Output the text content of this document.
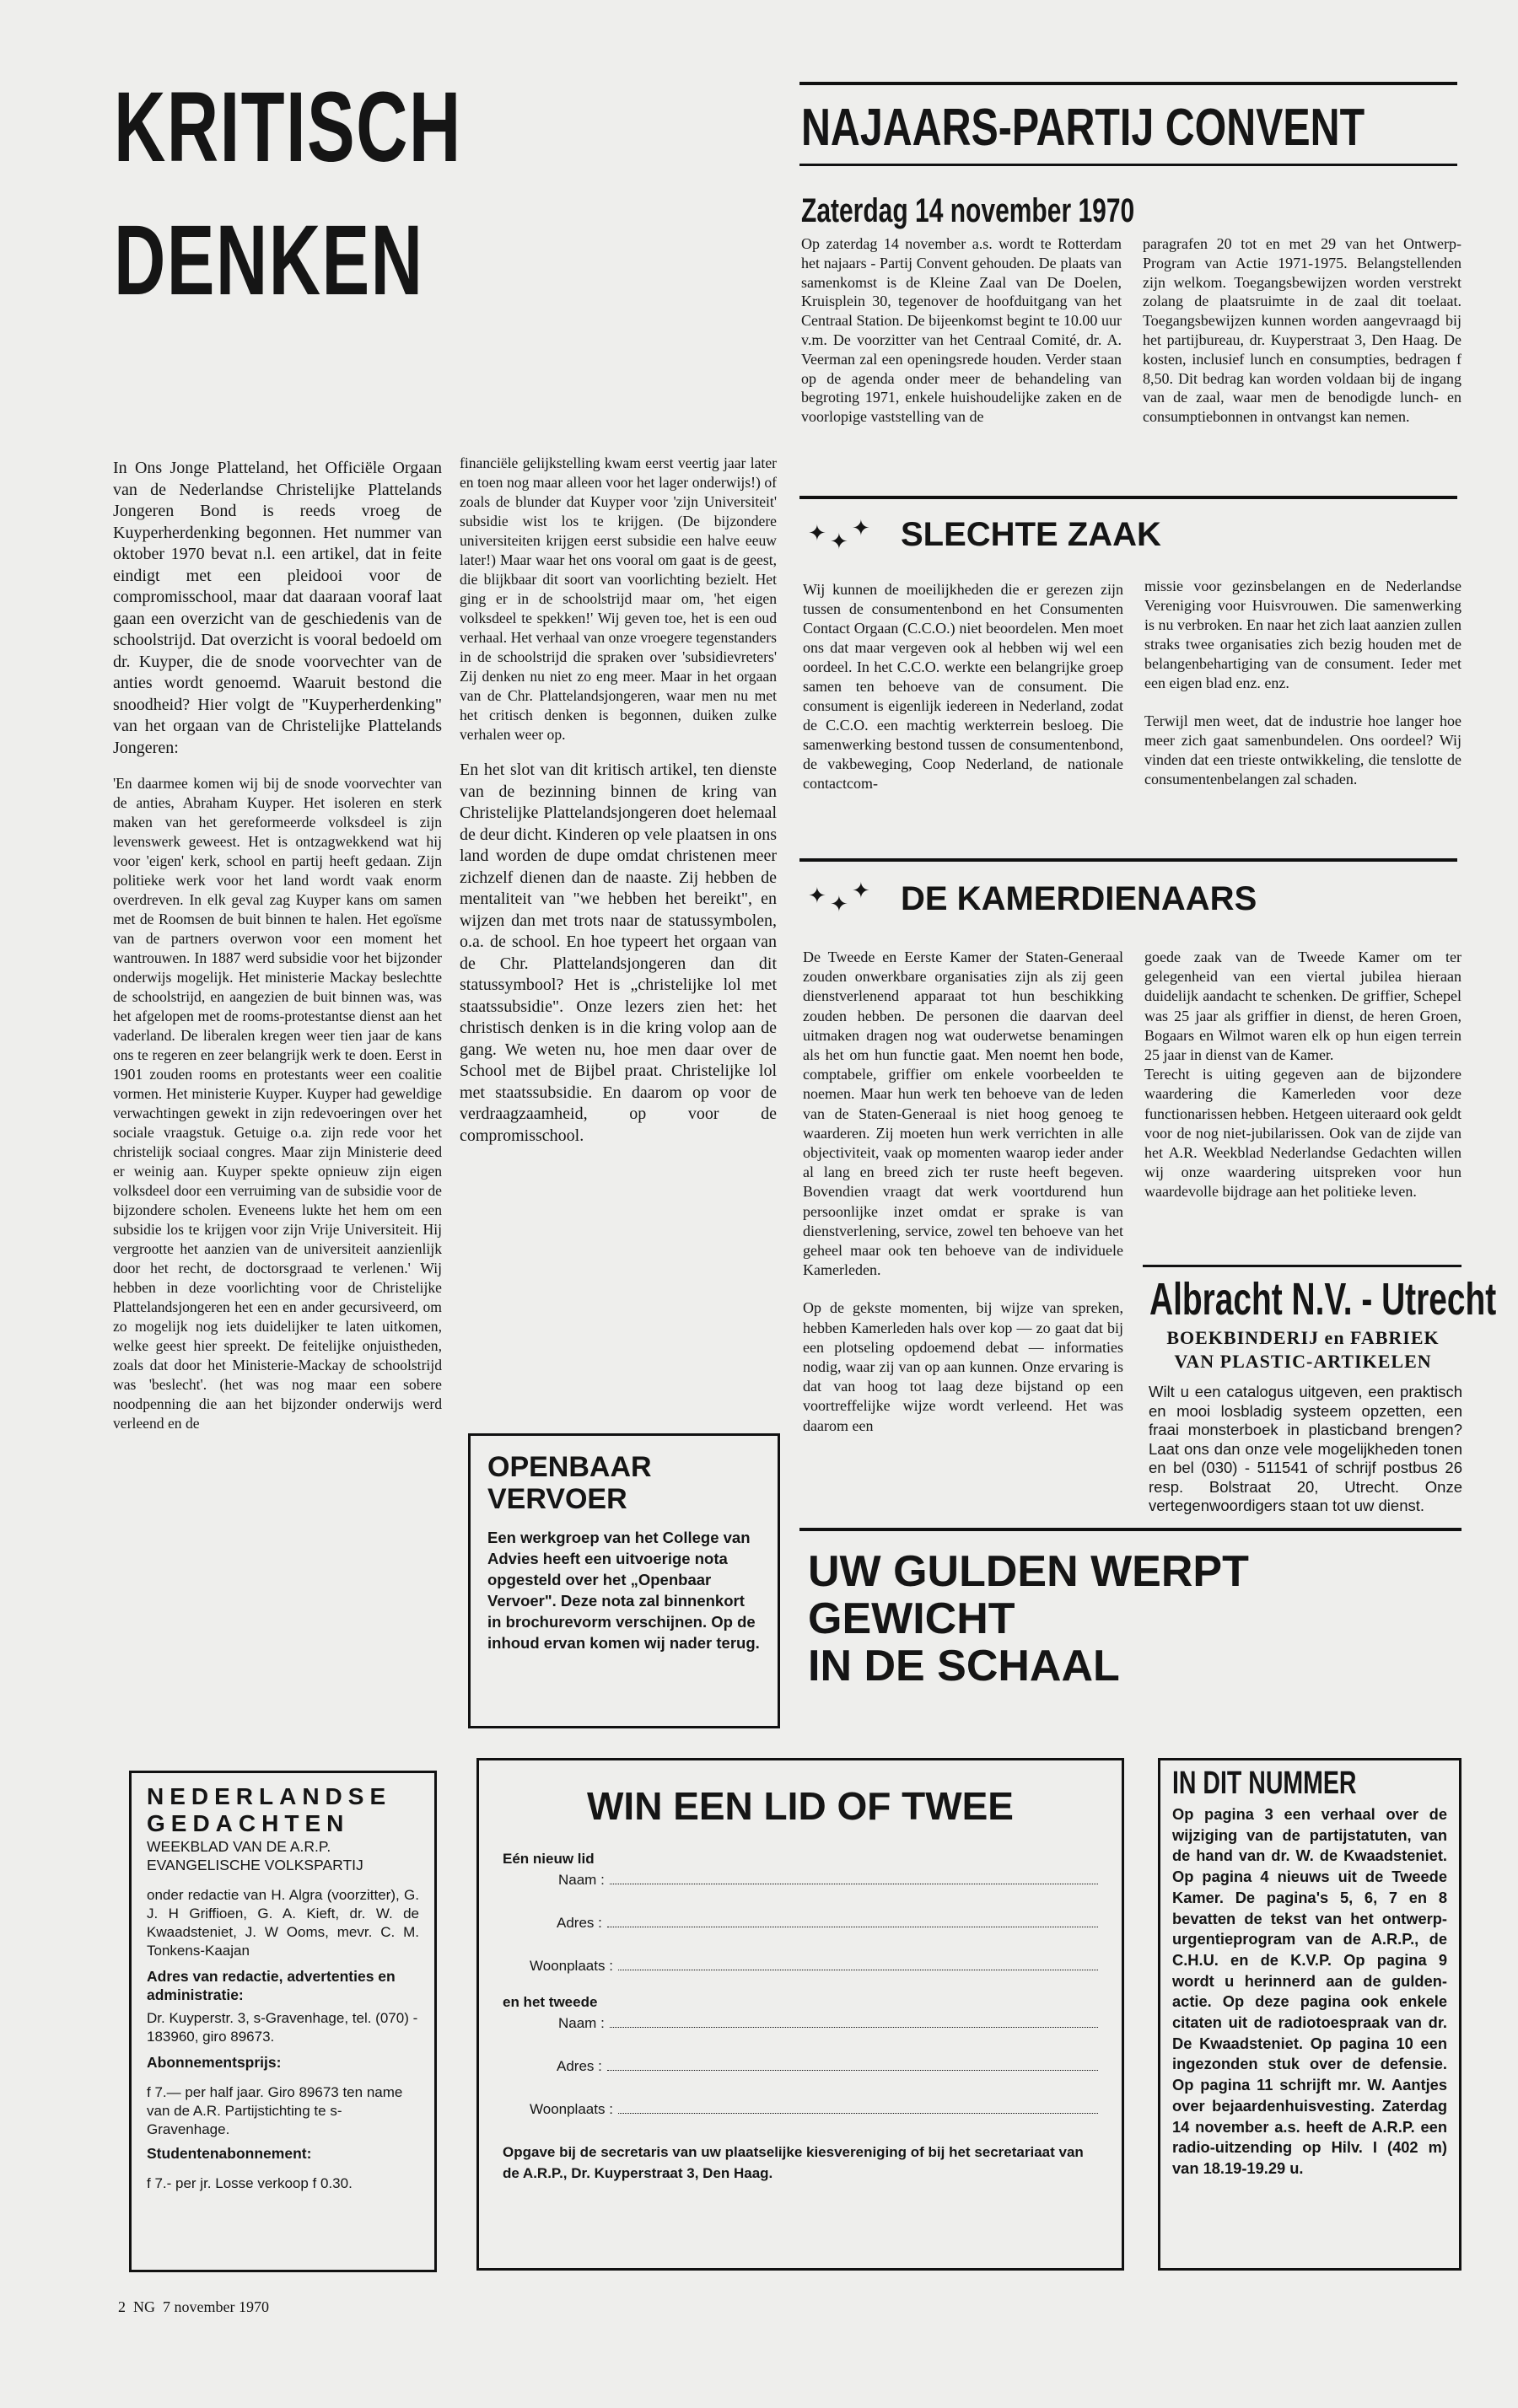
KRITISCH
DENKEN

In Ons Jonge Platteland, het Officiële Orgaan van de Nederlandse Christelijke Plattelands Jongeren Bond is reeds vroeg de Kuyperherdenking begonnen. Het nummer van oktober 1970 bevat n.l. een artikel, dat in feite eindigt met een pleidooi voor de compromisschool, maar dat daaraan vooraf laat gaan een overzicht van de geschiedenis van de schoolstrijd. Dat overzicht is vooral bedoeld om dr. Kuyper, die de snode voorvechter van de anties wordt genoemd. Waaruit bestond die snoodheid? Hier volgt de "Kuyperherdenking" van het orgaan van de Christelijke Plattelands Jongeren:

'En daarmee komen wij bij de snode voorvechter van de anties, Abraham Kuyper. Het isoleren en sterk maken van het gereformeerde volksdeel is zijn levenswerk geweest. Het is ontzagwekkend wat hij voor 'eigen' kerk, school en partij heeft gedaan. Zijn politieke werk voor het land wordt vaak enorm overdreven. In elk geval zag Kuyper kans om samen met de Roomsen de buit binnen te halen. Het egoïsme van de partners overwon voor een moment het wantrouwen. In 1887 werd subsidie voor het bijzonder onderwijs mogelijk. Het ministerie Mackay beslechtte de schoolstrijd, en aangezien de buit binnen was, was het afgelopen met de rooms-protestantse dienst aan het vaderland. De liberalen kregen weer tien jaar de kans ons te regeren en zeer belangrijk werk te doen. Eerst in 1901 zouden rooms en protestants weer een coalitie vormen. Het ministerie Kuyper. Kuyper had geweldige verwachtingen gewekt in zijn redevoeringen over het sociale vraagstuk. Getuige o.a. zijn rede voor het christelijk sociaal congres. Maar zijn Ministerie deed er weinig aan. Kuyper spekte opnieuw zijn eigen volksdeel door een verruiming van de subsidie voor de bijzondere scholen. Eveneens lukte het hem om een subsidie los te krijgen voor zijn Vrije Universiteit. Hij vergrootte het aanzien van de universiteit aanzienlijk door het recht, de doctorsgraad te verlenen.' Wij hebben in deze voorlichting voor de Christelijke Plattelandsjongeren het een en ander gecursiveerd, om zo mogelijk nog iets duidelijker te laten uitkomen, welke geest hier spreekt. De feitelijke onjuistheden, zoals dat door het Ministerie-Mackay de schoolstrijd was 'beslecht'. (het was nog maar een sobere noodpenning die aan het bijzonder onderwijs werd verleend en de

financiële gelijkstelling kwam eerst veertig jaar later en toen nog maar alleen voor het lager onderwijs!) of zoals de blunder dat Kuyper voor 'zijn Universiteit' subsidie wist los te krijgen. (De bijzondere universiteiten krijgen eerst subsidie een halve eeuw later!) Maar waar het ons vooral om gaat is de geest, die blijkbaar dit soort van voorlichting bezielt. Het ging er in de schoolstrijd maar om, 'het eigen volksdeel te spekken!' Wij geven toe, het is een oud verhaal. Het verhaal van onze vroegere tegenstanders in de schoolstrijd die spraken over 'subsidievreters' Zij denken nu niet zo eng meer. Maar in het orgaan van de Chr. Plattelandsjongeren, waar men nu met het critisch denken is begonnen, duiken zulke verhalen weer op.

En het slot van dit kritisch artikel, ten dienste van de bezinning binnen de kring van Christelijke Plattelandsjongeren doet helemaal de deur dicht. Kinderen op vele plaatsen in ons land worden de dupe omdat christenen meer zichzelf dienen dan de naaste. Zij hebben de mentaliteit van "we hebben het bereikt", en wijzen dan met trots naar de statussymbolen, o.a. de school. En hoe typeert het orgaan van de Chr. Plattelandsjongeren dan dit statussymbool? Het is „christelijke lol met staatssubsidie". Onze lezers zien het: het christisch denken is in die kring volop aan de gang. We weten nu, hoe men daar over de School met de Bijbel praat. Christelijke lol met staatssubsidie. En daarom op voor de verdraagzaamheid, op voor de compromisschool.

OPENBAAR
VERVOER
Een werkgroep van het College van Advies heeft een uitvoerige nota opgesteld over het „Openbaar Vervoer". Deze nota zal binnenkort in brochurevorm verschijnen. Op de inhoud ervan komen wij nader terug.
NAJAARS-PARTIJ CONVENT
Zaterdag 14 november 1970
Op zaterdag 14 november a.s. wordt te Rotterdam het najaars - Partij Convent gehouden. De plaats van samenkomst is de Kleine Zaal van De Doelen, Kruisplein 30, tegenover de hoofduitgang van het Centraal Station. De bijeenkomst begint te 10.00 uur v.m. De voorzitter van het Centraal Comité, dr. A. Veerman zal een openingsrede houden. Verder staan op de agenda onder meer de behandeling van begroting 1971, enkele huishoudelijke zaken en de voorlopige vaststelling van de
paragrafen 20 tot en met 29 van het Ontwerp-Program van Actie 1971-1975. Belangstellenden zijn welkom. Toegangsbewijzen worden verstrekt zolang de plaatsruimte in de zaal dit toelaat. Toegangsbewijzen kunnen worden aangevraagd bij het partijbureau, dr. Kuyperstraat 3, Den Haag. De kosten, inclusief lunch en consumpties, bedragen f 8,50. Dit bedrag kan worden voldaan bij de ingang van de zaal, waar men de benodigde lunch- en consumptiebonnen in ontvangst kan nemen.
✦ ✦
✦ SLECHTE ZAAK
Wij kunnen de moeilijkheden die er gerezen zijn tussen de consumentenbond en het Consumenten Contact Orgaan (C.C.O.) niet beoordelen. Men moet ons dat maar vergeven ook al hebben wij wel een oordeel. In het C.C.O. werkte een belangrijke groep samen ten behoeve van de consument. Die consument is eigenlijk iedereen in Nederland, zodat de C.C.O. een machtig werkterrein besloeg. Die samenwerking bestond tussen de consumentenbond, de vakbeweging, Coop Nederland, de nationale contactcom-

missie voor gezinsbelangen en de Nederlandse Vereniging voor Huisvrouwen. Die samenwerking is nu verbroken. En naar het zich laat aanzien zullen straks twee organisaties zich bezig houden met de belangenbehartiging van de consument. Ieder met een eigen blad enz. enz.

Terwijl men weet, dat de industrie hoe langer hoe meer zich gaat samenbundelen. Ons oordeel? Wij vinden dat een trieste ontwikkeling, die tenslotte de consumentenbelangen zal schaden.

✦ ✦
✦ DE KAMERDIENAARS

De Tweede en Eerste Kamer der Staten-Generaal zouden onwerkbare organisaties zijn als zij geen dienstverlenend apparaat tot hun beschikking zouden hebben. De personen die daarvan deel uitmaken dragen nog wat ouderwetse benamingen als het om hun functie gaat. Men noemt hen bode, comptabele, griffier om enkele voorbeelden te noemen. Maar hun werk ten behoeve van de leden van de Staten-Generaal is niet hoog genoeg te waarderen. Zij moeten hun werk verrichten in alle objectiviteit, vaak op momenten waarop ieder ander al lang en breed zich ter ruste heeft begeven. Bovendien vraagt dat werk voortdurend hun persoonlijke inzet omdat er sprake is van dienstverlening, service, zowel ten behoeve van het geheel maar ook ten behoeve van de individuele Kamerleden.

Op de gekste momenten, bij wijze van spreken, hebben Kamerleden hals over kop — zo gaat dat bij een plotseling opdoemend debat — informaties nodig, waar zij van op aan kunnen. Onze ervaring is dat van hoog tot laag deze bijstand op een voortreffelijke wijze wordt verleend. Het was daarom een

goede zaak van de Tweede Kamer om ter gelegenheid van een viertal jubilea hieraan duidelijk aandacht te schenken. De griffier, Schepel was 25 jaar als griffier in dienst, de heren Groen, Bogaars en Wilmot waren elk op hun eigen terrein 25 jaar in dienst van de Kamer.

Terecht is uiting gegeven aan de bijzondere waardering die Kamerleden voor deze functionarissen hebben. Hetgeen uiteraard ook geldt voor de nog niet-jubilarissen. Ook van de zijde van het A.R. Weekblad Nederlandse Gedachten willen wij onze waardering uitspreken voor hun waardevolle bijdrage aan het politieke leven.

Albracht N.V. - Utrecht
BOEKBINDERIJ en FABRIEK
VAN PLASTIC-ARTIKELEN
Wilt u een catalogus uitgeven, een praktisch en mooi losbladig systeem opzetten, een fraai monsterboek in plasticband brengen? Laat ons dan onze vele mogelijkheden tonen en bel (030) - 511541 of schrijf postbus 26 resp. Bolstraat 20, Utrecht. Onze vertegenwoordigers staan tot uw dienst.
UW GULDEN WERPT
GEWICHT
IN DE SCHAAL
NEDERLANDSE
GEDACHTEN
WEEKBLAD VAN DE A.R.P.
EVANGELISCHE VOLKSPARTIJ
onder redactie van H. Algra (voorzitter), G. J. H Griffioen, G. A. Kieft, dr. W. de Kwaadsteniet, J. W Ooms, mevr. C. M. Tonkens-Kaajan
Adres van redactie, advertenties en administratie:
Dr. Kuyperstr. 3, s-Gravenhage, tel. (070) - 183960, giro 89673.
Abonnementsprijs:
f 7.— per half jaar. Giro 89673 ten name van de A.R. Partijstichting te s-Gravenhage.
Studentenabonnement:
f 7.- per jr. Losse verkoop f 0.30.
WIN EEN LID OF TWEE
Eén nieuw lid
Naam :
Adres :
Woonplaats :
en het tweede
Naam :
Adres :
Woonplaats :
Opgave bij de secretaris van uw plaatselijke kiesvereniging of bij het secretariaat van de A.R.P., Dr. Kuyperstraat 3, Den Haag.
IN DIT NUMMER
Op pagina 3 een verhaal over de wijziging van de partijstatuten, van de hand van dr. W. de Kwaadsteniet. Op pagina 4 nieuws uit de Tweede Kamer. De pagina's 5, 6, 7 en 8 bevatten de tekst van het ontwerp-urgentieprogram van de A.R.P., de C.H.U. en de K.V.P. Op pagina 9 wordt u herinnerd aan de gulden-actie. Op deze pagina ook enkele citaten uit de radiotoespraak van dr. De Kwaadsteniet. Op pagina 10 een ingezonden stuk over de defensie. Op pagina 11 schrijft mr. W. Aantjes over bejaardenhuisvesting. Zaterdag 14 november a.s. heeft de A.R.P. een radio-uitzending op Hilv. I (402 m) van 18.19-19.29 u.
2  NG  7 november 1970
